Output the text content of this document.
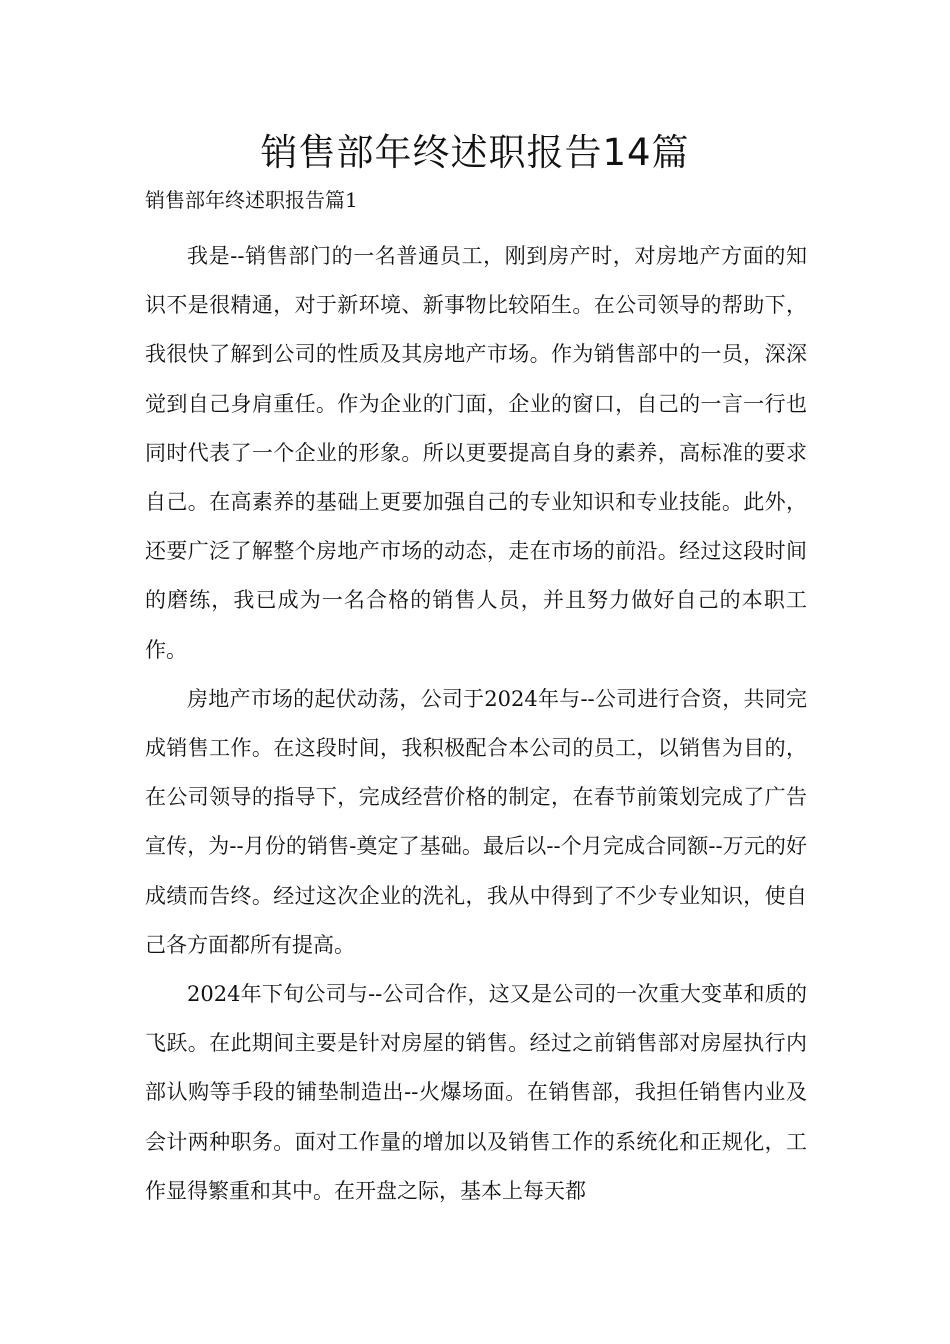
销售部年终述职报告14篇
销售部年终述职报告篇1

我是--销售部门的一名普通员工，刚到房产时，对房地产方面的知识不是很精通，对于新环境、新事物比较陌生。在公司领导的帮助下，我很快了解到公司的性质及其房地产市场。作为销售部中的一员，深深觉到自己身肩重任。作为企业的门面，企业的窗口，自己的一言一行也同时代表了一个企业的形象。所以更要提高自身的素养，高标准的要求自己。在高素养的基础上更要加强自己的专业知识和专业技能。此外，还要广泛了解整个房地产市场的动态，走在市场的前沿。经过这段时间的磨练，我已成为一名合格的销售人员，并且努力做好自己的本职工作。

房地产市场的起伏动荡，公司于2024年与--公司进行合资，共同完成销售工作。在这段时间，我积极配合本公司的员工，以销售为目的，在公司领导的指导下，完成经营价格的制定，在春节前策划完成了广告宣传，为--月份的销售-奠定了基础。最后以--个月完成合同额--万元的好成绩而告终。经过这次企业的洗礼，我从中得到了不少专业知识，使自己各方面都所有提高。

2024年下旬公司与--公司合作，这又是公司的一次重大变革和质的飞跃。在此期间主要是针对房屋的销售。经过之前销售部对房屋执行内部认购等手段的铺垫制造出--火爆场面。在销售部，我担任销售内业及会计两种职务。面对工作量的增加以及销售工作的系统化和正规化，工作显得繁重和其中。在开盘之际，基本上每天都
